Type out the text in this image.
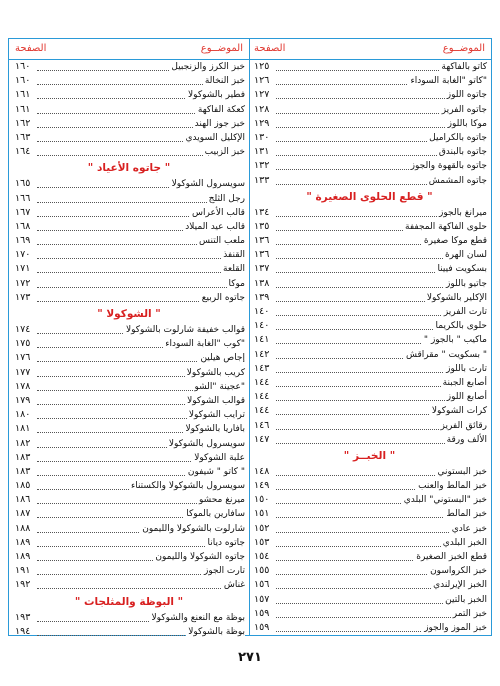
الموضــوع
الصفحة
كاتو بالفاكهة
١٢٥
كاتو "الغابة السوداء"
١٢٦
جاتوه اللوز
١٢٧
جاتوه الفريز
١٢٨
موكا باللوز
١٢٩
جاتوه بالكراميل
١٣٠
جاتوه بالبندق
١٣١
جاتوه بالقهوة والجوز
١٣٢
جاتوه المشمش
١٣٣
" قطع الحلوى الصغيرة "
ميرانغ بالجوز
١٣٤
حلوى الفاكهة المجففة
١٣٥
قطع موكا صغيرة
١٣٦
لسان الهرة
١٣٦
بسكويت فيينا
١٣٧
جاتيو باللوز
١٣٨
الإكلير بالشوكولا
١٣٩
تارت الفريز
١٤٠
حلوى بالكريما
١٤٠
" ماكيب " بالجوز
١٤١
بسكويت " مقراقش "
١٤٢
تارت باللوز
١٤٣
أصابع الجبنة
١٤٤
أصابع اللوز
١٤٤
كرات الشوكولا
١٤٤
رقائق الفريز
١٤٦
الألف ورقة
١٤٧
" الخبــز "
خبز البستوني
١٤٨
خبز المالط والعنب
١٤٩
خبز "البستوني" البلدي
١٥٠
خبز المالط
١٥١
خبز عادي
١٥٢
الخبز البلدي
١٥٣
قطع الخبز الصغيرة
١٥٤
خبز الكرواسون
١٥٥
الخبز الإيرلندي
١٥٦
الخبز بالتين
١٥٧
خبز التمر
١٥٩
خبز الموز والجوز
١٥٩
الموضــوع
الصفحة
خبز الكرز والزنجبيل
١٦٠
خبز النخالة
١٦٠
فطير بالشوكولا
١٦١
كعكة الفاكهة
١٦١
خبز جوز الهند
١٦٢
الإكليل السويدي
١٦٣
خبز الزبيب
١٦٤
" جاتوه الأعياد "
سويسرول الشوكولا
١٦٥
رجل الثلج
١٦٦
قالب الأعراس
١٦٧
قالب عيد الميلاد
١٦٨
ملعب التنس
١٦٩
القنفذ
١٧٠
القلعة
١٧١
موكا
١٧٢
جاتوه الربيع
١٧٣
" الشوكولا "
قوالب خفيفة شارلوت بالشوكولا
١٧٤
كوب "الغابة السوداء"
١٧٥
إجاص هيلين
١٧٦
كريب بالشوكولا
١٧٧
عجينة "الشو"
١٧٨
قوالب الشوكولا
١٧٩
ترايب الشوكولا
١٨٠
بافاريا بالشوكولا
١٨١
سويسرول بالشوكولا
١٨٢
علبة الشوكولا
١٨٣
كاتو " شيفون "
١٨٣
سويسرول بالشوكولا والكستناء
١٨٥
ميرنغ محشو
١٨٦
سافارين بالموكا
١٨٧
شارلوت بالشوكولا والليمون
١٨٨
جاتوه ديانا
١٨٩
جاتوه الشوكولا والليمون
١٨٩
تارت الجوز
١٩١
غناش
١٩٢
" البوظة والمثلجات "
بوظة مع النعنع والشوكولا
١٩٣
بوظة بالشوكولا
١٩٤
٢٧١
